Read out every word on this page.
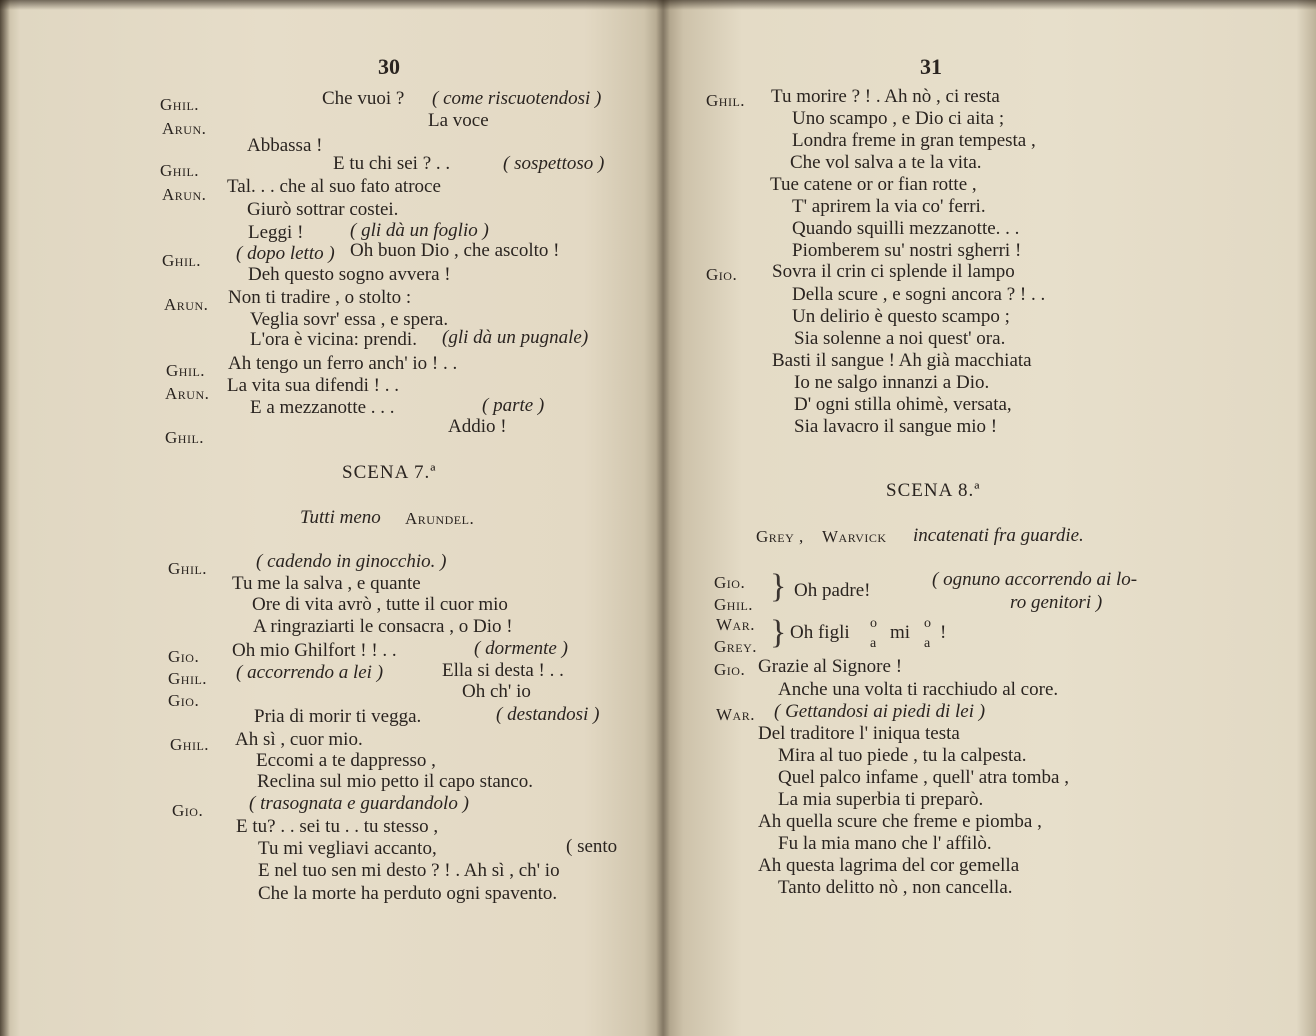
30
Ghil.	Che vuoi ? ( come riscuotendosi )
Arun.	La voce
Abbassa !
Ghil.	E tu chi sei ? . .	( sospettoso )
Arun. Tal. . . che al suo fato atroce
Giurò sottrar costei.
Leggi ! ( gli dà un foglio )
Ghil. ( dopo letto ) Oh buon Dio , che ascolto !
Deh questo sogno avvera !
Arun. Non ti tradire , o stolto :
Veglia sovr' essa , e spera.
L'ora è vicina: prendi. (gli dà un pugnale)
Ghil. Ah tengo un ferro anch' io ! . .
Arun. La vita sua difendi ! . .
E a mezzanotte . . .	( parte )
Ghil.
Addio !
SCENA 7.ª
Tutti meno Arundel.
Ghil.	( cadendo in ginocchio. )
Tu me la salva , e quante
Ore di vita avrò , tutte il cuor mio
A ringraziarti le consacra , o Dio !
Gio. Oh mio Ghilfort ! ! . .	( dormente )
Ghil. ( accorrendo a lei )	Ella si desta ! . .
Gio.	Oh ch' io
Pria di morir ti vegga.	( destandosi )
Ghil. Ah sì , cuor mio.
Eccomi a te dappresso ,
Reclina sul mio petto il capo stanco.
Gio. ( trasognata e guardandolo )
E tu? . . sei tu . . tu stesso ,
Tu mi vegliavi accanto,	( sento
E nel tuo sen mi desto ? ! . Ah sì , ch' io
Che la morte ha perduto ogni spavento.
31
Ghil. Tu morire ? ! . Ah nò , ci resta
Uno scampo , e Dio ci aita ;
Londra freme in gran tempesta ,
Che vol salva a te la vita.
Tue catene or or fian rotte ,
T' aprirem la via co' ferri.
Quando squilli mezzanotte. . .
Piomberem su' nostri sgherri !
Gio. Sovra il crin ci splende il lampo
Della scure , e sogni ancora ? ! . .
Un delirio è questo scampo ;
Sia solenne a noi quest' ora.
Basti il sangue ! Ah già macchiata
Io ne salgo innanzi a Dio.
D' ogni stilla ohimè, versata,
Sia lavacro il sangue mio !
SCENA 8.ª
Grey , Warvick incatenati fra guardie.
Gio.
Ghil. } Oh padre!
( ognuno accorrendo ai lo-
ro genitori )
War.
Grey. } Oh figli o
a
mi o
a
!
Gio. Grazie al Signore !
Anche una volta ti racchiudo al core.
War. ( Gettandosi ai piedi di lei )
Del traditore l' iniqua testa
Mira al tuo piede , tu la calpesta.
Quel palco infame , quell' atra tomba ,
La mia superbia ti preparò.
Ah quella scure che freme e piomba ,
Fu la mia mano che l' affilò.
Ah questa lagrima del cor gemella
Tanto delitto nò , non cancella.
